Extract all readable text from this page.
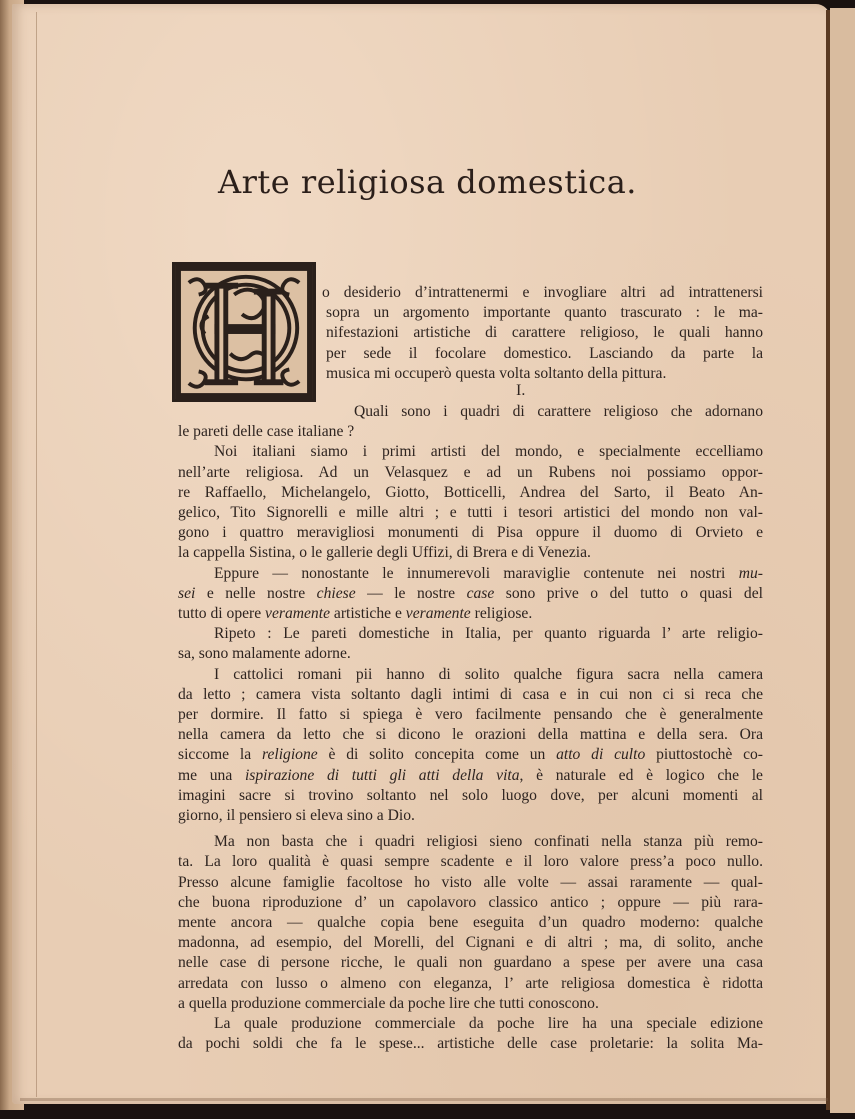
Arte religiosa domestica.
o desiderio d’intrattenermi e invogliare altri ad intrattenersi
sopra un argomento importante quanto trascurato : le ma-
nifestazioni artistiche di carattere religioso, le quali hanno
per sede il focolare domestico. Lasciando da parte la
musica mi occuperò questa volta soltanto della pittura.
I.
Quali sono i quadri di carattere religioso che adornano
le pareti delle case italiane ?
Noi italiani siamo i primi artisti del mondo, e specialmente eccelliamo
nell’arte religiosa. Ad un Velasquez e ad un Rubens noi possiamo oppor-
re Raffaello, Michelangelo, Giotto, Botticelli, Andrea del Sarto, il Beato An-
gelico, Tito Signorelli e mille altri ; e tutti i tesori artistici del mondo non val-
gono i quattro meravigliosi monumenti di Pisa oppure il duomo di Orvieto e
la cappella Sistina, o le gallerie degli Uffizi, di Brera e di Venezia.
Eppure — nonostante le innumerevoli maraviglie contenute nei nostri mu-
sei e nelle nostre chiese — le nostre case sono prive o del tutto o quasi del
tutto di opere veramente artistiche e veramente religiose.
Ripeto : Le pareti domestiche in Italia, per quanto riguarda l’ arte religio-
sa, sono malamente adorne.
I cattolici romani pii hanno di solito qualche figura sacra nella camera
da letto ; camera vista soltanto dagli intimi di casa e in cui non ci si reca che
per dormire. Il fatto si spiega è vero facilmente pensando che è generalmente
nella camera da letto che si dicono le orazioni della mattina e della sera. Ora
siccome la religione è di solito concepita come un atto di culto piuttostochè co-
me una ispirazione di tutti gli atti della vita, è naturale ed è logico che le
imagini sacre si trovino soltanto nel solo luogo dove, per alcuni momenti al
giorno, il pensiero si eleva sino a Dio.
Ma non basta che i quadri religiosi sieno confinati nella stanza più remo-
ta. La loro qualità è quasi sempre scadente e il loro valore press’a poco nullo.
Presso alcune famiglie facoltose ho visto alle volte — assai raramente — qual-
che buona riproduzione d’ un capolavoro classico antico ; oppure — più rara-
mente ancora — qualche copia bene eseguita d’un quadro moderno: qualche
madonna, ad esempio, del Morelli, del Cignani e di altri ; ma, di solito, anche
nelle case di persone ricche, le quali non guardano a spese per avere una casa
arredata con lusso o almeno con eleganza, l’ arte religiosa domestica è ridotta
a quella produzione commerciale da poche lire che tutti conoscono.
La quale produzione commerciale da poche lire ha una speciale edizione
da pochi soldi che fa le spese... artistiche delle case proletarie: la solita Ma-
